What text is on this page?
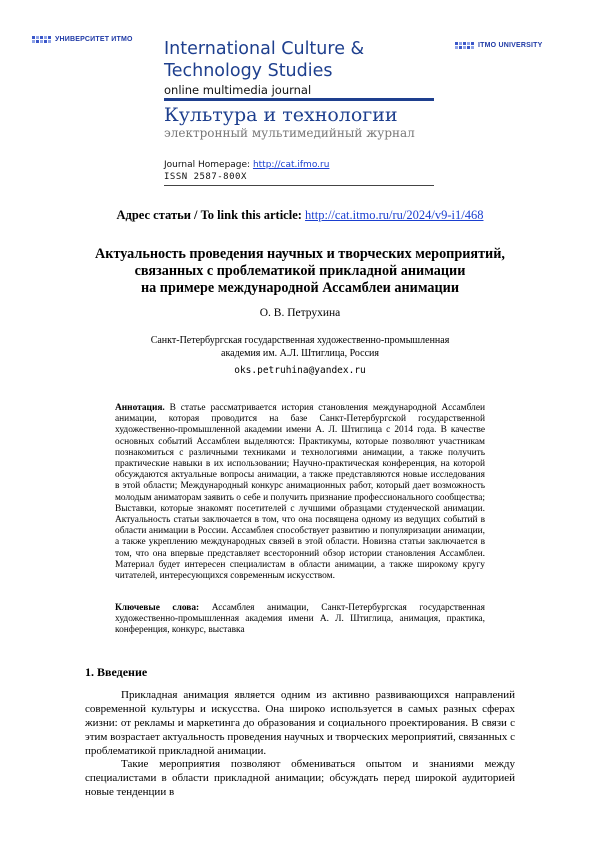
УНИВЕРСИТЕТ ИТМО
ITMO UNIVERSITY
International Culture &
Technology Studies
online multimedia journal
Культура и технологии
электронный мультимедийный журнал
Journal Homepage: http://cat.ifmo.ru
ISSN 2587-800X
Адрес статьи / To link this article: http://cat.itmo.ru/ru/2024/v9-i1/468
Актуальность проведения научных и творческих мероприятий,
связанных с проблематикой прикладной анимации
на примере международной Ассамблеи анимации
О. В. Петрухина
Санкт-Петербургская государственная художественно-промышленная
академия им. А.Л. Штиглица, Россия
oks.petruhina@yandex.ru
Аннотация. В статье рассматривается история становления международной Ассамблеи анимации, которая проводится на базе Санкт-Петербургской государственной художественно-промышленной академии имени А. Л. Штиглица с 2014 года. В качестве основных событий Ассамблеи выделяются: Практикумы, которые позволяют участникам познакомиться с различными техниками и технологиями анимации, а также получить практические навыки в их использовании; Научно-практическая конференция, на которой обсуждаются актуальные вопросы анимации, а также представляются новые исследования в этой области; Международный конкурс анимационных работ, который дает возможность молодым аниматорам заявить о себе и получить признание профессионального сообщества; Выставки, которые знакомят посетителей с лучшими образцами студенческой анимации. Актуальность статьи заключается в том, что она посвящена одному из ведущих событий в области анимации в России. Ассамблея способствует развитию и популяризации анимации, а также укреплению международных связей в этой области. Новизна статьи заключается в том, что она впервые представляет всесторонний обзор истории становления Ассамблеи. Материал будет интересен специалистам в области анимации, а также широкому кругу читателей, интересующихся современным искусством.
Ключевые слова: Ассамблея анимации, Санкт-Петербургская государственная художественно-промышленная академия имени А. Л. Штиглица, анимация, практика, конференция, конкурс, выставка
1. Введение

Прикладная анимация является одним из активно развивающихся направлений современной культуры и искусства. Она широко используется в самых разных сферах жизни: от рекламы и маркетинга до образования и социального проектирования. В связи с этим возрастает актуальность проведения научных и творческих мероприятий, связанных с проблематикой прикладной анимации.

Такие мероприятия позволяют обмениваться опытом и знаниями между специалистами в области прикладной анимации; обсуждать перед широкой аудиторией новые тенденции в
